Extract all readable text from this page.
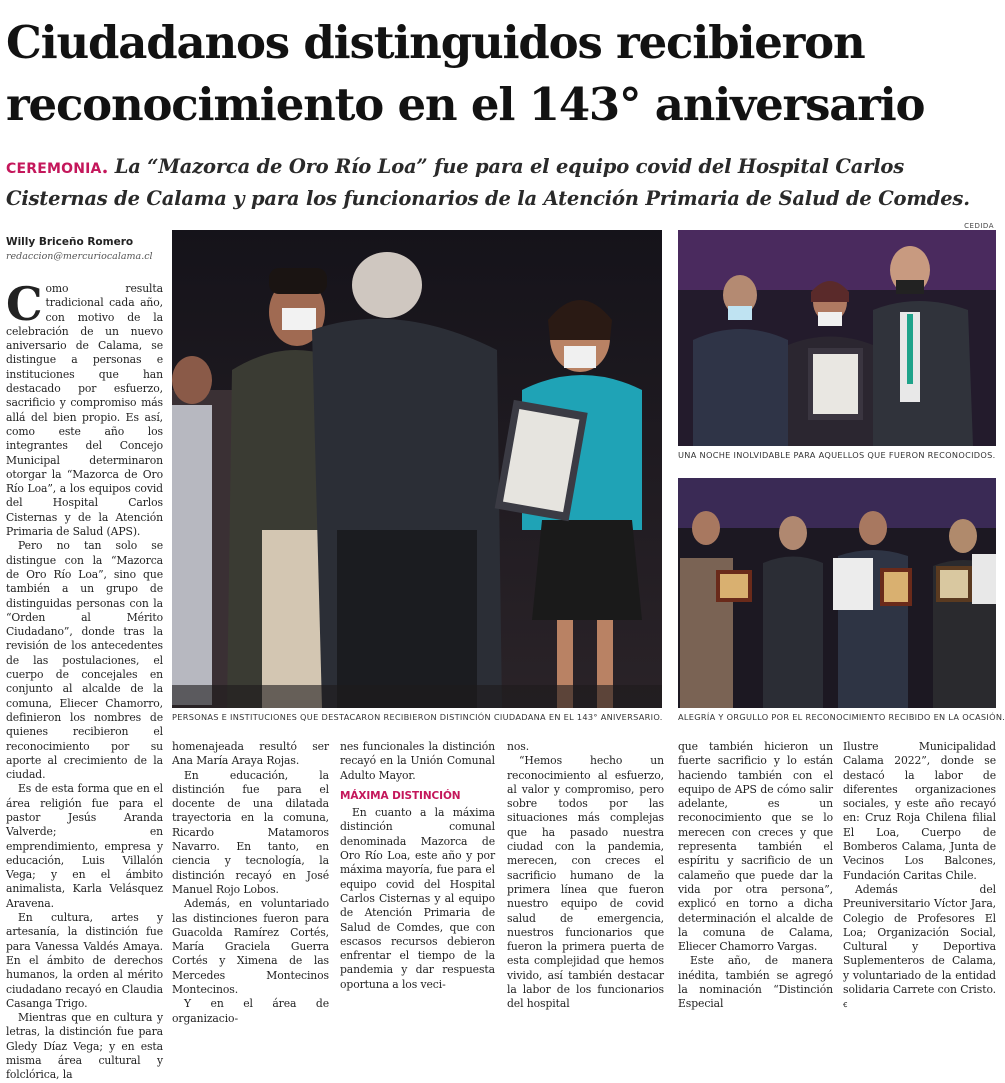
Ciudadanos distinguidos recibieron
reconocimiento en el 143° aniversario
CEREMONIA. La “Mazorca de Oro Río Loa” fue para el equipo covid del Hospital Carlos Cisternas de Calama y para los funcionarios de la Atención Primaria de Salud de Comdes.
CEDIDA
Willy Briceño Romero
redaccion@mercuriocalama.cl

Como resulta tradicional cada año, con motivo de la celebración de un nuevo aniversario de Calama, se distingue a personas e instituciones que han destacado por esfuerzo, sacrificio y compromiso más allá del bien propio. Es así, como este año los integrantes del Concejo Municipal determinaron otorgar la “Mazorca de Oro Río Loa”, a los equipos covid del Hospital Carlos Cisternas y de la Atención Primaria de Salud (APS).

Pero no tan solo se distingue con la “Mazorca de Oro Río Loa”, sino que también a un grupo de distinguidas personas con la “Orden al Mérito Ciudadano”, donde tras la revisión de los antecedentes de las postulaciones, el cuerpo de concejales en conjunto al alcalde de la comuna, Eliecer Chamorro, definieron los nombres de quienes recibieron el reconocimiento por su aporte al crecimiento de la ciudad.

Es de esta forma que en el área religión fue para el pastor Jesús Aranda Valverde; en emprendimiento, empresa y educación, Luis Villalón Vega; y en el ámbito animalista, Karla Velásquez Aravena.

En cultura, artes y artesanía, la distinción fue para Vanessa Valdés Amaya. En el ámbito de derechos humanos, la orden al mérito ciudadano recayó en Claudia Casanga Trigo.

Mientras que en cultura y letras, la distinción fue para Gledy Díaz Vega; y en esta misma área cultural y folclórica, la

PERSONAS E INSTITUCIONES QUE DESTACARON RECIBIERON DISTINCIÓN CIUDADANA EN EL 143° ANIVERSARIO.
UNA NOCHE INOLVIDABLE PARA AQUELLOS QUE FUERON RECONOCIDOS.
ALEGRÍA Y ORGULLO POR EL RECONOCIMIENTO RECIBIDO EN LA OCASIÓN.

homenajeada resultó ser Ana María Araya Rojas.

En educación, la distinción fue para el docente de una dilatada trayectoria en la comuna, Ricardo Matamoros Navarro. En tanto, en ciencia y tecnología, la distinción recayó en José Manuel Rojo Lobos.

Además, en voluntariado las distinciones fueron para Guacolda Ramírez Cortés, María Graciela Guerra Cortés y Ximena de las Mercedes Montecinos Montecinos.

Y en el área de organizacio-

nes funcionales la distinción recayó en la Unión Comunal Adulto Mayor.

MÁXIMA DISTINCIÓN

En cuanto a la máxima distinción comunal denominada Mazorca de Oro Río Loa, este año y por máxima mayoría, fue para el equipo covid del Hospital Carlos Cisternas y al equipo de Atención Primaria de Salud de Comdes, que con escasos recursos debieron enfrentar el tiempo de la pandemia y dar respuesta oportuna a los veci-

nos.

“Hemos hecho un reconocimiento al esfuerzo, al valor y compromiso, pero sobre todos por las situaciones más complejas que ha pasado nuestra ciudad con la pandemia, merecen, con creces el sacrificio humano de la primera línea que fueron nuestro equipo de covid salud de emergencia, nuestros funcionarios que fueron la primera puerta de esta complejidad que hemos vivido, así también destacar la labor de los funcionarios del hospital

que también hicieron un fuerte sacrificio y lo están haciendo también con el equipo de APS de cómo salir adelante, es un reconocimiento que se lo merecen con creces y que representa también el espíritu y sacrificio de un calameño que puede dar la vida por otra persona”, explicó en torno a dicha determinación el alcalde de la comuna de Calama, Eliecer Chamorro Vargas.

Este año, de manera inédita, también se agregó la nominación “Distinción Especial

Ilustre Municipalidad Calama 2022”, donde se destacó la labor de diferentes organizaciones sociales, y este año recayó en: Cruz Roja Chilena filial El Loa, Cuerpo de Bomberos Calama, Junta de Vecinos Los Balcones, Fundación Caritas Chile.

Además del Preuniversitario Víctor Jara, Colegio de Profesores El Loa; Organización Social, Cultural y Deportiva Suplementeros de Calama, y voluntariado de la entidad solidaria Carrete con Cristo. ꞓ
